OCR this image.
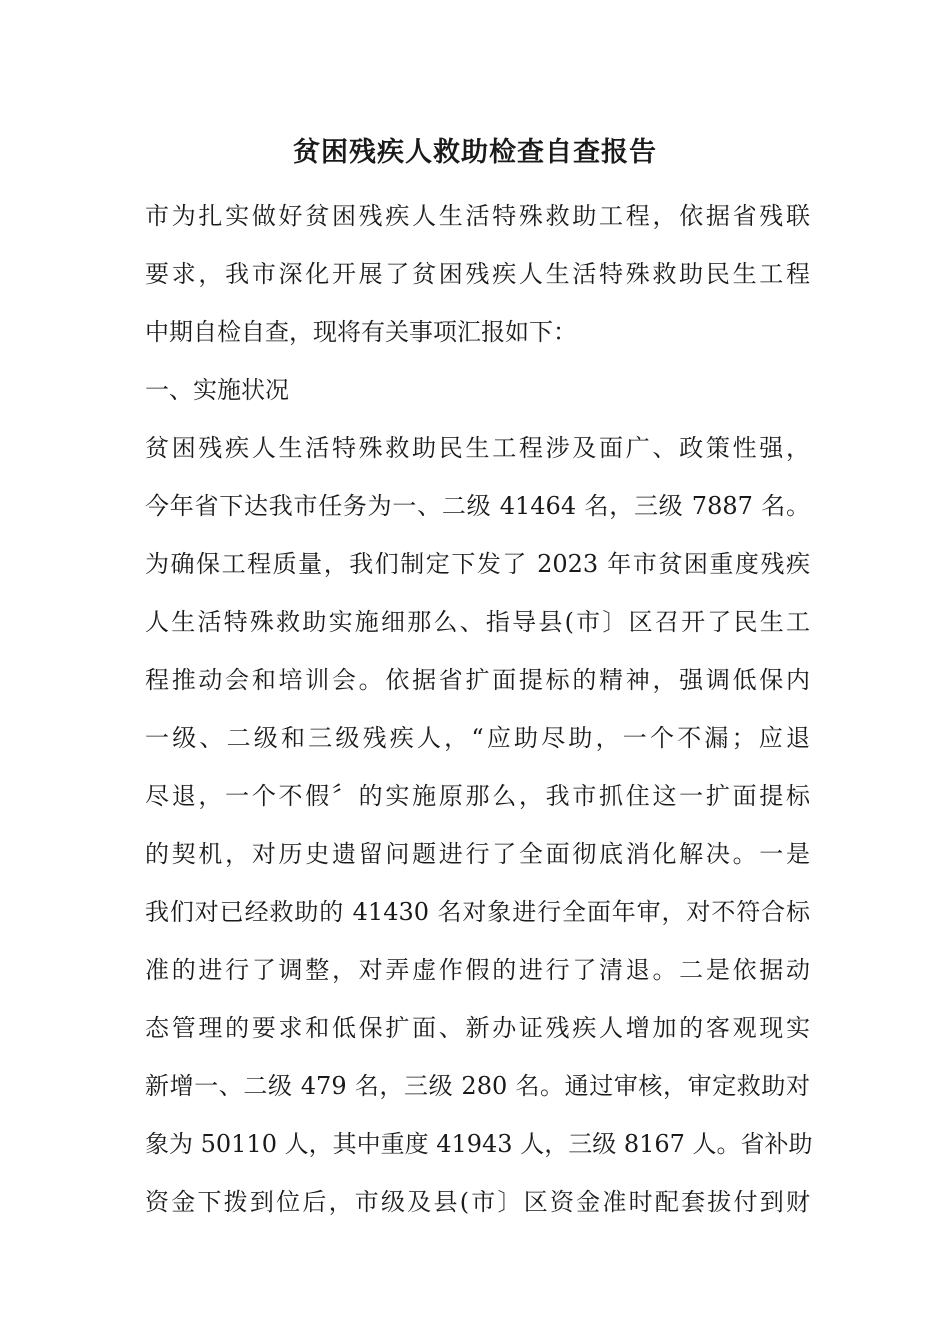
贫困残疾人救助检查自查报告
市为扎实做好贫困残疾人生活特殊救助工程，依据省残联
要求，我市深化开展了贫困残疾人生活特殊救助民生工程
中期自检自查，现将有关事项汇报如下：
一、实施状况
贫困残疾人生活特殊救助民生工程涉及面广、政策性强，
今年省下达我市任务为一、二级 41464 名，三级 7887 名。
为确保工程质量，我们制定下发了 2023 年市贫困重度残疾
人生活特殊救助实施细那么、指导县(市〕区召开了民生工
程推动会和培训会。依据省扩面提标的精神，强调低保内
一级、二级和三级残疾人，“应助尽助，一个不漏；应退
尽退，一个不假〞的实施原那么，我市抓住这一扩面提标
的契机，对历史遗留问题进行了全面彻底消化解决。一是
我们对已经救助的 41430 名对象进行全面年审，对不符合标
准的进行了调整，对弄虚作假的进行了清退。二是依据动
态管理的要求和低保扩面、新办证残疾人增加的客观现实
新增一、二级 479 名，三级 280 名。通过审核，审定救助对
象为 50110 人，其中重度 41943 人，三级 8167 人。省补助
资金下拨到位后，市级及县(市〕区资金准时配套拔付到财
